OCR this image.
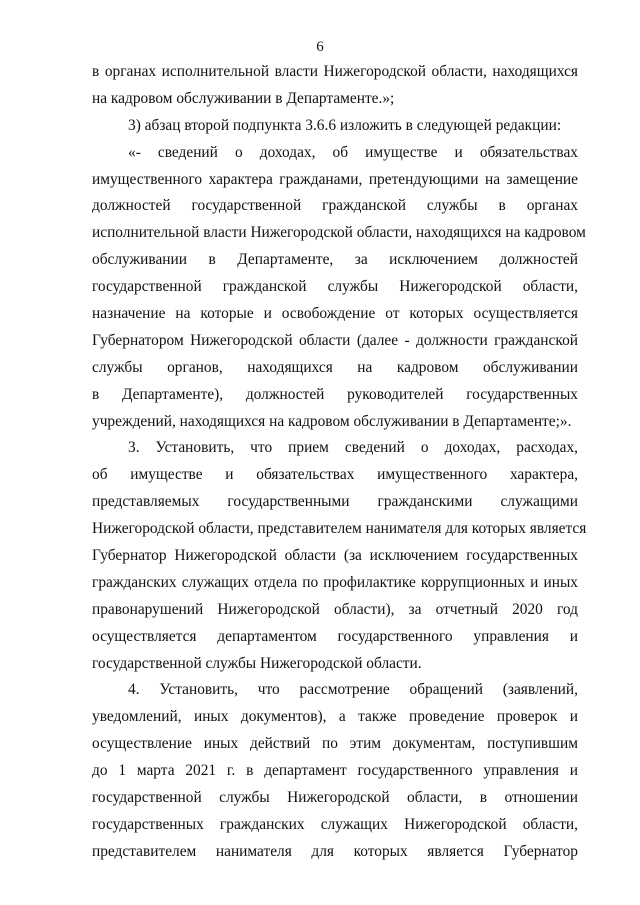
6
в органах исполнительной власти Нижегородской области, находящихся
на кадровом обслуживании в Департаменте.»;
3) абзац второй подпункта 3.6.6 изложить в следующей редакции:
«- сведений о доходах, об имуществе и обязательствах
имущественного характера гражданами, претендующими на замещение
должностей государственной гражданской службы в органах
исполнительной власти Нижегородской области, находящихся на кадровом
обслуживании в Департаменте, за исключением должностей
государственной гражданской службы Нижегородской области,
назначение на которые и освобождение от которых осуществляется
Губернатором Нижегородской области (далее - должности гражданской
службы органов, находящихся на кадровом обслуживании
в Департаменте), должностей руководителей государственных
учреждений, находящихся на кадровом обслуживании в Департаменте;».
3. Установить, что прием сведений о доходах, расходах,
об имуществе и обязательствах имущественного характера,
представляемых государственными гражданскими служащими
Нижегородской области, представителем нанимателя для которых является
Губернатор Нижегородской области (за исключением государственных
гражданских служащих отдела по профилактике коррупционных и иных
правонарушений Нижегородской области), за отчетный 2020 год
осуществляется департаментом государственного управления и
государственной службы Нижегородской области.
4. Установить, что рассмотрение обращений (заявлений,
уведомлений, иных документов), а также проведение проверок и
осуществление иных действий по этим документам, поступившим
до 1 марта 2021 г. в департамент государственного управления и
государственной службы Нижегородской области, в отношении
государственных гражданских служащих Нижегородской области,
представителем нанимателя для которых является Губернатор
